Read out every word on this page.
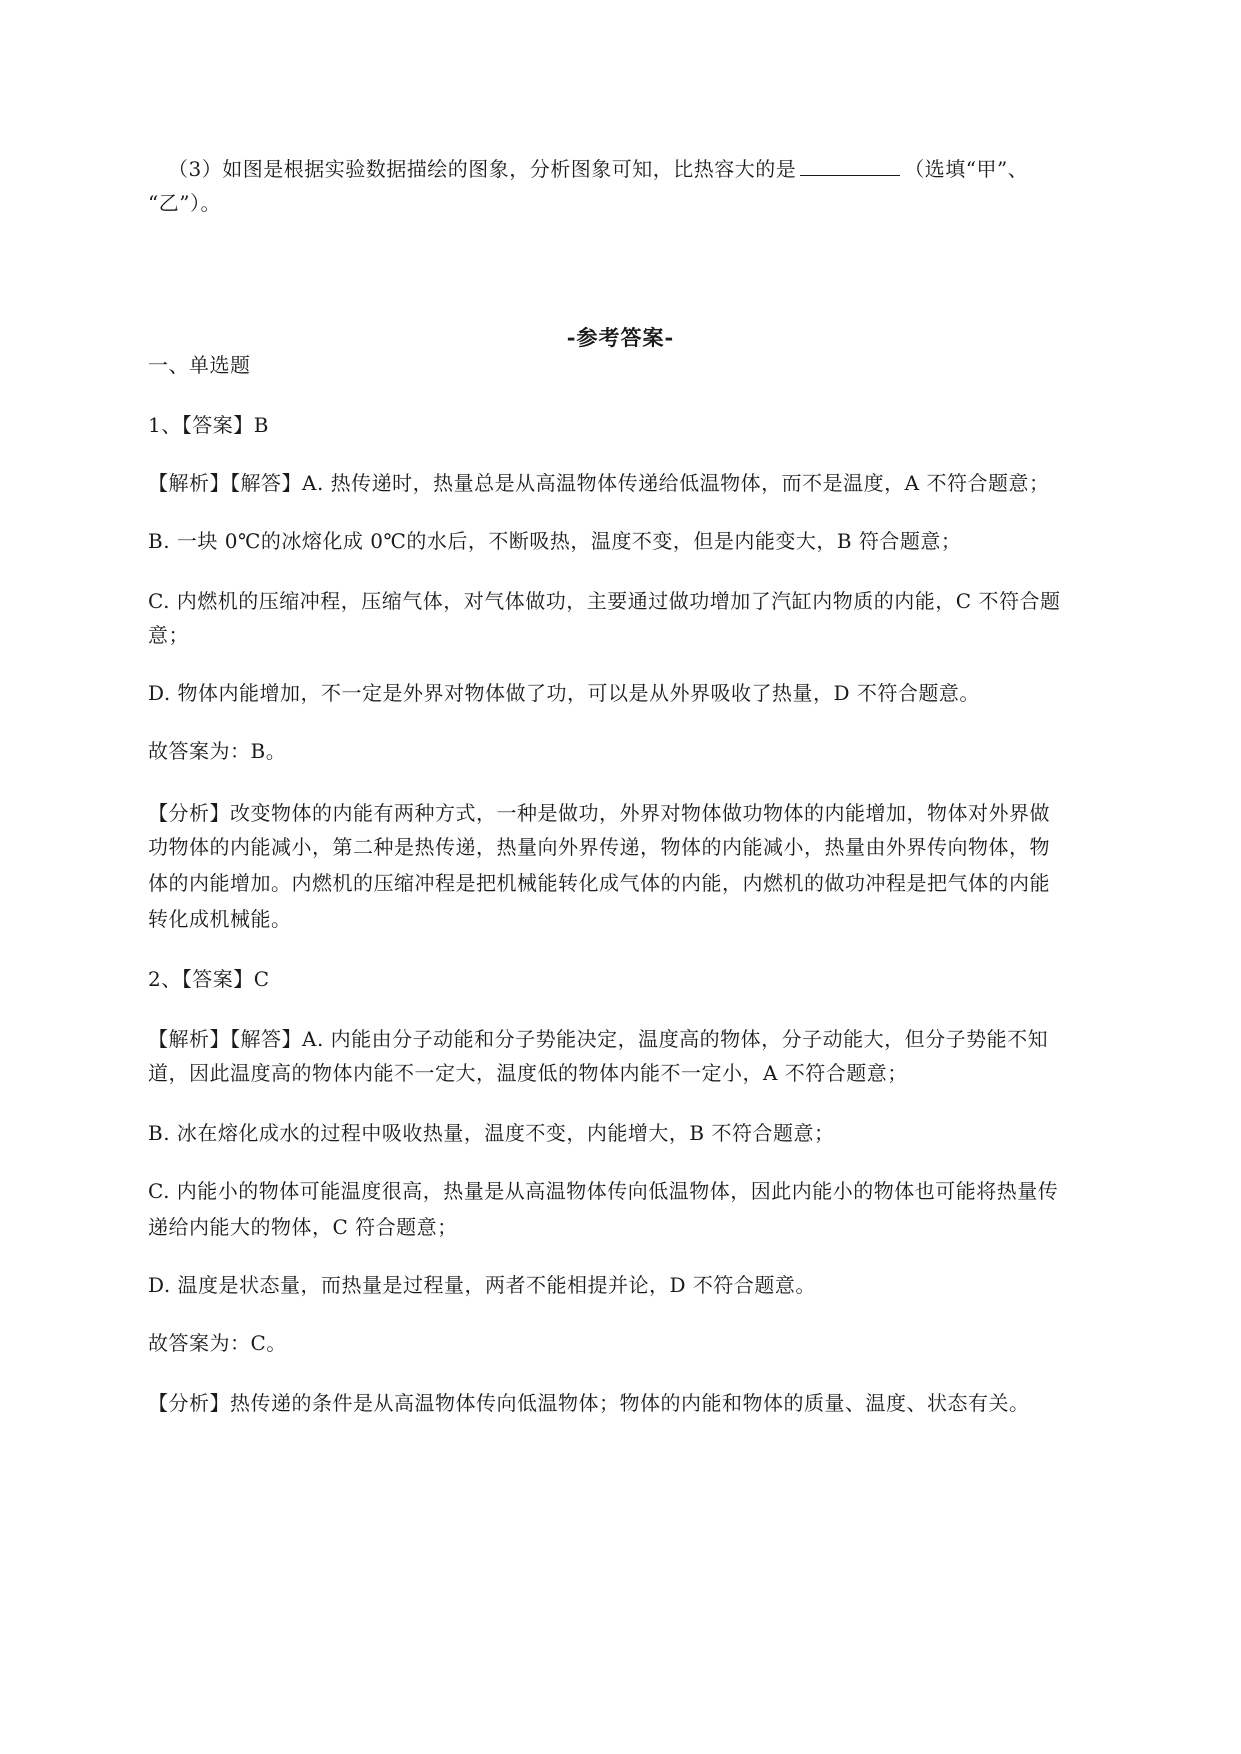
（3）如图是根据实验数据描绘的图象，分析图象可知，比热容大的是	（选填“甲”、
“乙”）。
-参考答案-
一、单选题
1、【答案】B
【解析】【解答】A. 热传递时，热量总是从高温物体传递给低温物体，而不是温度，A 不符合题意；
B. 一块 0℃的冰熔化成 0℃的水后，不断吸热，温度不变，但是内能变大，B 符合题意；
C. 内燃机的压缩冲程，压缩气体，对气体做功，主要通过做功增加了汽缸内物质的内能，C 不符合题
意；
D. 物体内能增加，不一定是外界对物体做了功，可以是从外界吸收了热量，D 不符合题意。
故答案为：B。
【分析】改变物体的内能有两种方式，一种是做功，外界对物体做功物体的内能增加，物体对外界做
功物体的内能减小，第二种是热传递，热量向外界传递，物体的内能减小，热量由外界传向物体，物
体的内能增加。内燃机的压缩冲程是把机械能转化成气体的内能，内燃机的做功冲程是把气体的内能
转化成机械能。
2、【答案】C
【解析】【解答】A. 内能由分子动能和分子势能决定，温度高的物体，分子动能大，但分子势能不知
道，因此温度高的物体内能不一定大，温度低的物体内能不一定小，A 不符合题意；
B. 冰在熔化成水的过程中吸收热量，温度不变，内能增大，B 不符合题意；
C. 内能小的物体可能温度很高，热量是从高温物体传向低温物体，因此内能小的物体也可能将热量传
递给内能大的物体，C 符合题意；
D. 温度是状态量，而热量是过程量，两者不能相提并论，D 不符合题意。
故答案为：C。
【分析】热传递的条件是从高温物体传向低温物体；物体的内能和物体的质量、温度、状态有关。
